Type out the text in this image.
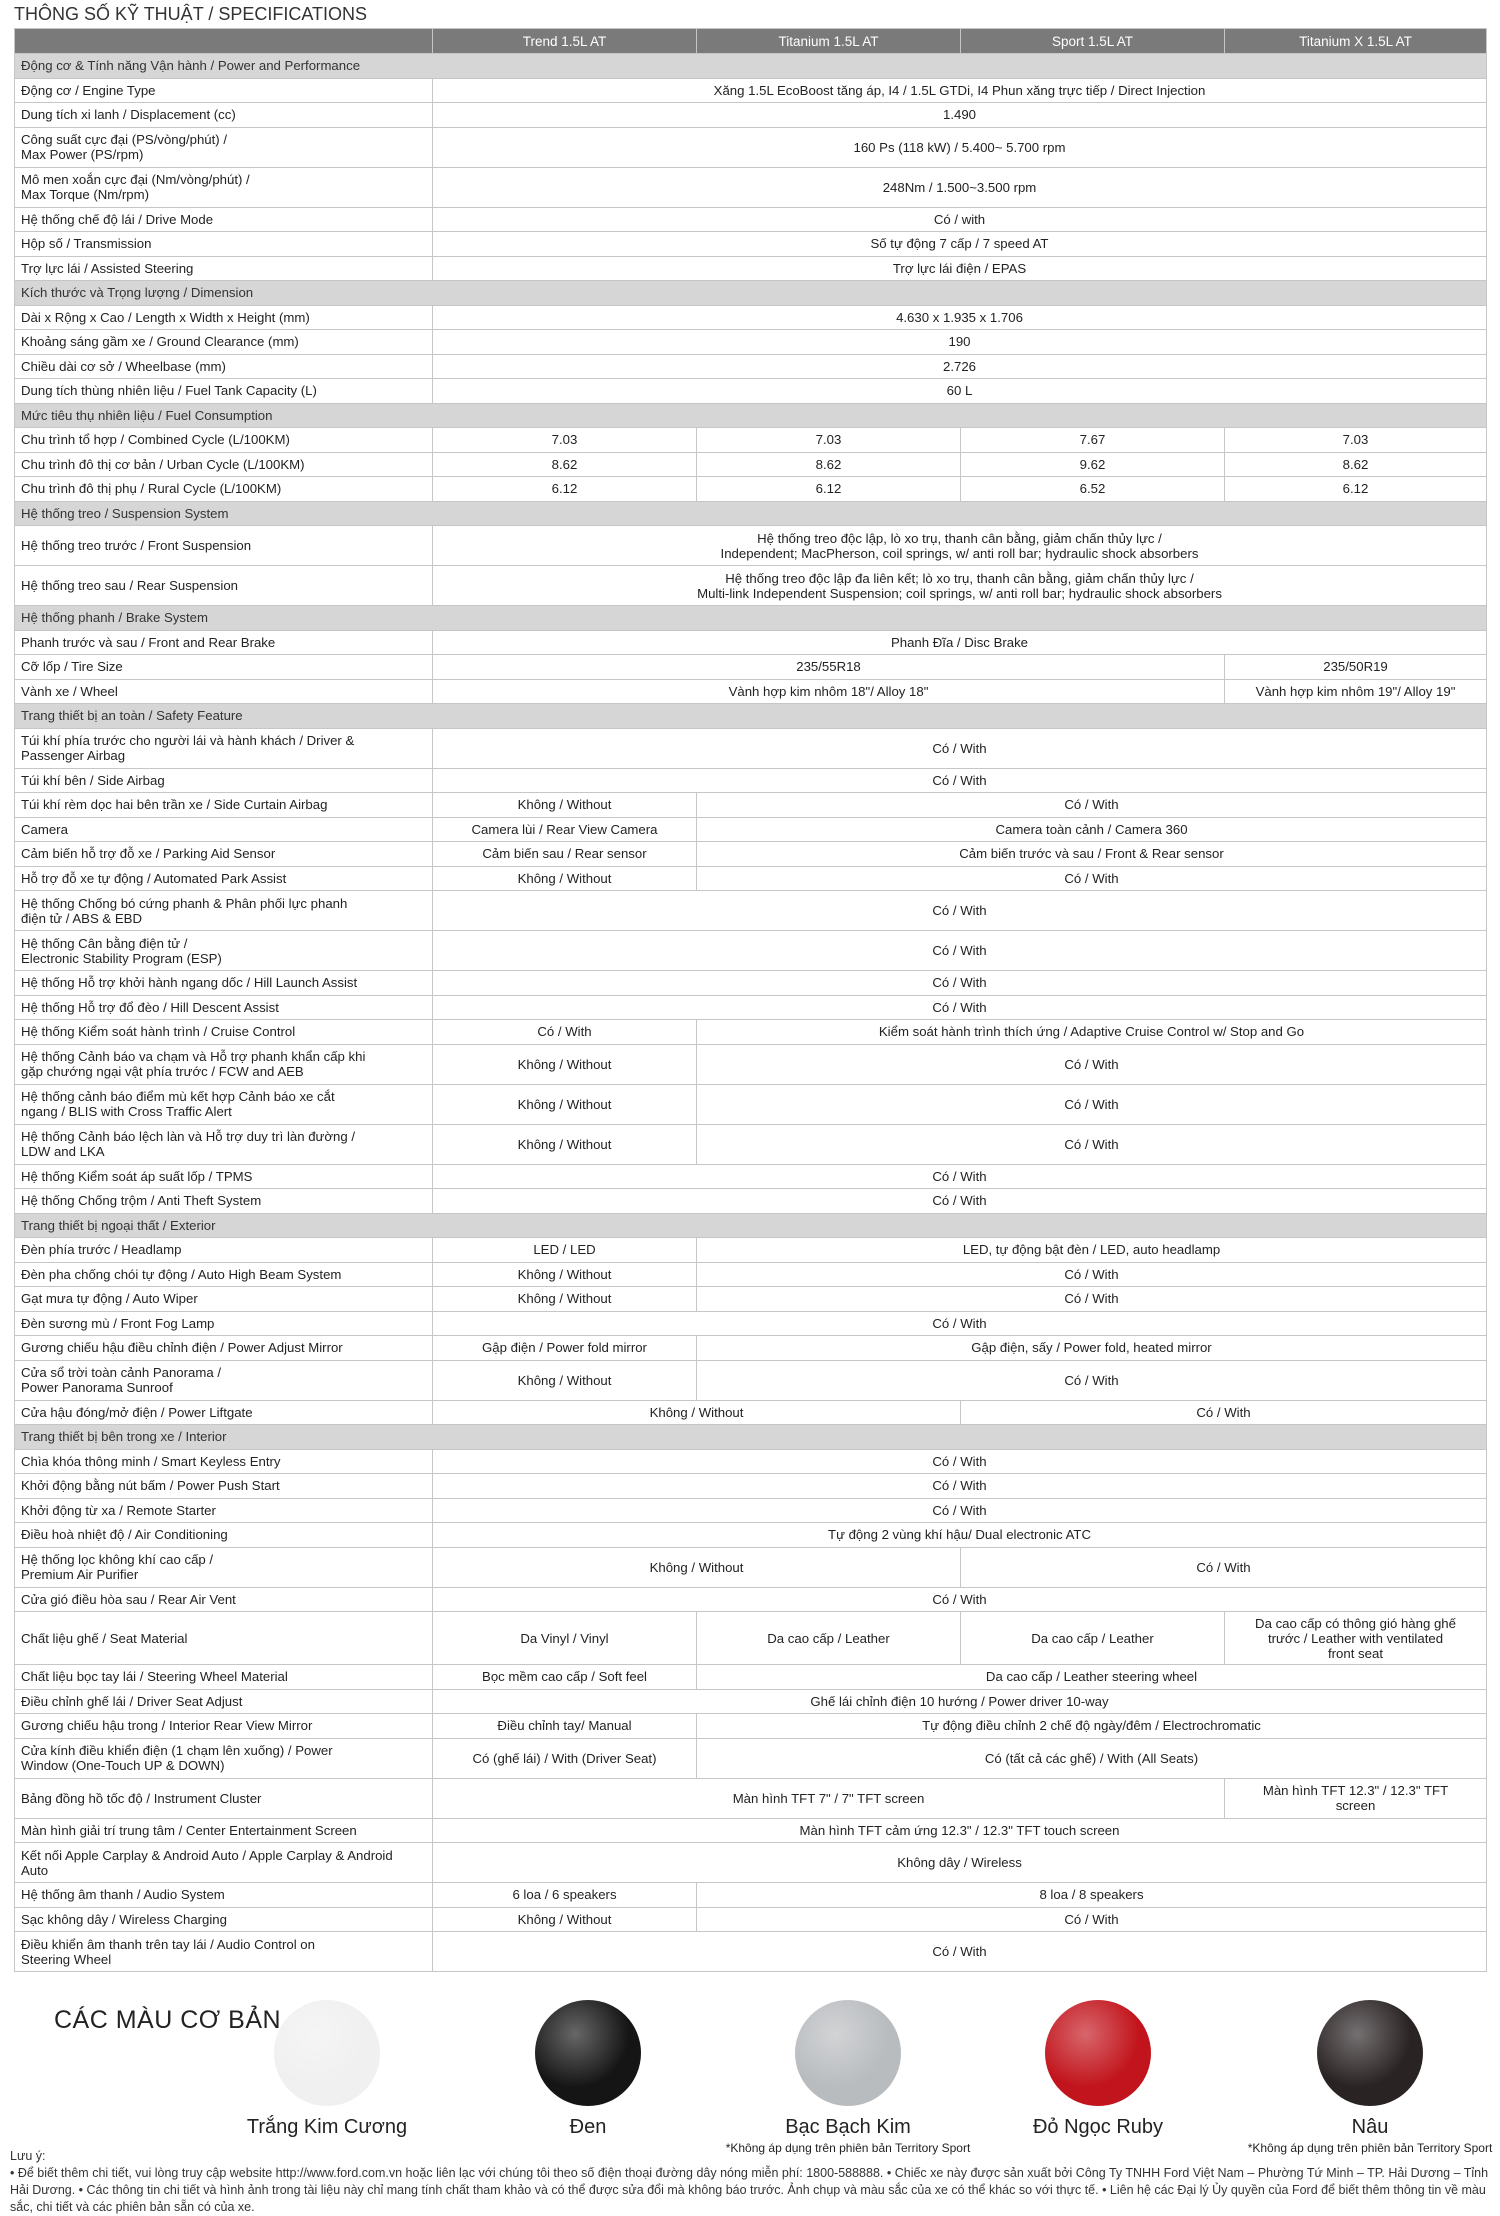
THÔNG SỐ KỸ THUẬT / SPECIFICATIONS
	Trend 1.5L AT	Titanium 1.5L AT	Sport 1.5L AT	Titanium X 1.5L AT
Động cơ & Tính năng Vận hành / Power and Performance				
Động cơ / Engine Type	Xăng 1.5L EcoBoost tăng áp, I4 / 1.5L GTDi, I4 Phun xăng trực tiếp / Direct Injection			
Dung tích xi lanh / Displacement (cc)	1.490			
Công suất cực đại (PS/vòng/phút) /
Max Power (PS/rpm)	160 Ps (118 kW) / 5.400~ 5.700 rpm			
Mô men xoắn cực đại (Nm/vòng/phút) /
Max Torque (Nm/rpm)	248Nm / 1.500~3.500 rpm			
Hệ thống chế độ lái / Drive Mode	Có / with			
Hộp số / Transmission	Số tự động 7 cấp / 7 speed AT			
Trợ lực lái / Assisted Steering	Trợ lực lái điện / EPAS			
Kích thước và Trọng lượng / Dimension				
Dài x Rộng x Cao / Length x Width x Height (mm)	4.630 x 1.935 x 1.706			
Khoảng sáng gầm xe / Ground Clearance (mm)	190			
Chiều dài cơ sở / Wheelbase (mm)	2.726			
Dung tích thùng nhiên liệu / Fuel Tank Capacity (L)	60 L			
Mức tiêu thụ nhiên liệu / Fuel Consumption				
Chu trình tổ hợp / Combined Cycle (L/100KM)	7.03	7.03	7.67	7.03
Chu trình đô thị cơ bản / Urban Cycle (L/100KM)	8.62	8.62	9.62	8.62
Chu trình đô thị phụ / Rural Cycle (L/100KM)	6.12	6.12	6.52	6.12
Hệ thống treo / Suspension System				
Hệ thống treo trước / Front Suspension	Hệ thống treo độc lập, lò xo trụ, thanh cân bằng, giảm chấn thủy lực /
Independent; MacPherson, coil springs, w/ anti roll bar; hydraulic shock absorbers			
Hệ thống treo sau / Rear Suspension	Hệ thống treo độc lập đa liên kết; lò xo trụ, thanh cân bằng, giảm chấn thủy lực /
Multi-link Independent Suspension; coil springs, w/ anti roll bar; hydraulic shock absorbers			
Hệ thống phanh / Brake System				
Phanh trước và sau / Front and Rear Brake	Phanh Đĩa / Disc Brake			
Cỡ lốp / Tire Size	235/55R18			235/50R19
Vành xe / Wheel	Vành hợp kim nhôm 18"/ Alloy 18"			Vành hợp kim nhôm 19"/ Alloy 19"
Trang thiết bị an toàn / Safety Feature				
Túi khí phía trước cho người lái và hành khách / Driver &
Passenger Airbag	Có / With			
Túi khí bên / Side Airbag	Có / With			
Túi khí rèm dọc hai bên trần xe / Side Curtain Airbag	Không / Without	Có / With		
Camera	Camera lùi / Rear View Camera	Camera toàn cảnh / Camera 360		
Cảm biến hỗ trợ đỗ xe / Parking Aid Sensor	Cảm biến sau / Rear sensor	Cảm biến trước và sau / Front & Rear sensor		
Hỗ trợ đỗ xe tự động / Automated Park Assist	Không / Without	Có / With		
Hệ thống Chống bó cứng phanh & Phân phối lực phanh
điện tử / ABS & EBD	Có / With			
Hệ thống Cân bằng điện tử /
Electronic Stability Program (ESP)	Có / With			
Hệ thống Hỗ trợ khởi hành ngang dốc / Hill Launch Assist	Có / With			
Hệ thống Hỗ trợ đổ đèo / Hill Descent Assist	Có / With			
Hệ thống Kiểm soát hành trình / Cruise Control	Có / With	Kiểm soát hành trình thích ứng / Adaptive Cruise Control w/ Stop and Go		
Hệ thống Cảnh báo va chạm và Hỗ trợ phanh khẩn cấp khi
gặp chướng ngại vật phía trước / FCW and AEB	Không / Without	Có / With		
Hệ thống cảnh báo điểm mù kết hợp Cảnh báo xe cắt
ngang / BLIS with Cross Traffic Alert	Không / Without	Có / With		
Hệ thống Cảnh báo lệch làn và Hỗ trợ duy trì làn đường /
LDW and LKA	Không / Without	Có / With		
Hệ thống Kiểm soát áp suất lốp / TPMS	Có / With			
Hệ thống Chống trộm / Anti Theft System	Có / With			
Trang thiết bị ngoại thất / Exterior				
Đèn phía trước / Headlamp	LED / LED	LED, tự động bật đèn / LED, auto headlamp		
Đèn pha chống chói tự động / Auto High Beam System	Không / Without	Có / With		
Gạt mưa tự động / Auto Wiper	Không / Without	Có / With		
Đèn sương mù / Front Fog Lamp	Có / With			
Gương chiếu hậu điều chỉnh điện / Power Adjust Mirror	Gập điện / Power fold mirror	Gập điện, sấy / Power fold, heated mirror		
Cửa sổ trời toàn cảnh Panorama /
Power Panorama Sunroof	Không / Without	Có / With		
Cửa hậu đóng/mở điện / Power Liftgate	Không / Without		Có / With	
Trang thiết bị bên trong xe / Interior				
Chìa khóa thông minh / Smart Keyless Entry	Có / With			
Khởi động bằng nút bấm / Power Push Start	Có / With			
Khởi động từ xa / Remote Starter	Có / With			
Điều hoà nhiệt độ / Air Conditioning	Tự động 2 vùng khí hậu/ Dual electronic ATC			
Hệ thống lọc không khí cao cấp /
Premium Air Purifier	Không / Without		Có / With	
Cửa gió điều hòa sau / Rear Air Vent	Có / With			
Chất liệu ghế / Seat Material	Da Vinyl / Vinyl	Da cao cấp / Leather	Da cao cấp / Leather	Da cao cấp có thông gió hàng ghế
trước / Leather with ventilated
front seat
Chất liệu bọc tay lái / Steering Wheel Material	Bọc mềm cao cấp / Soft feel	Da cao cấp / Leather steering wheel		
Điều chỉnh ghế lái / Driver Seat Adjust	Ghế lái chỉnh điện 10 hướng / Power driver 10-way			
Gương chiếu hậu trong / Interior Rear View Mirror	Điều chỉnh tay/ Manual	Tự động điều chỉnh 2 chế độ ngày/đêm / Electrochromatic		
Cửa kính điều khiển điện (1 chạm lên xuống) / Power
Window (One-Touch UP & DOWN)	Có (ghế lái) / With (Driver Seat)	Có (tất cả các ghế) / With (All Seats)		
Bảng đồng hồ tốc độ / Instrument Cluster	Màn hình TFT 7" / 7" TFT screen			Màn hình TFT 12.3" / 12.3" TFT
screen
Màn hình giải trí trung tâm / Center Entertainment Screen	Màn hình TFT cảm ứng 12.3" / 12.3" TFT touch screen			
Kết nối Apple Carplay & Android Auto / Apple Carplay & Android
Auto	Không dây / Wireless			
Hệ thống âm thanh / Audio System	6 loa / 6 speakers	8 loa / 8 speakers		
Sạc không dây / Wireless Charging	Không / Without	Có / With		
Điều khiển âm thanh trên tay lái / Audio Control on
Steering Wheel	Có / With			
CÁC MÀU CƠ BẢN
Trắng Kim Cương	Đen	Bạc Bạch Kim
*Không áp dụng trên phiên bản Territory Sport
Đỏ Ngọc Ruby	Nâu
*Không áp dụng trên phiên bản Territory Sport
Lưu ý:
• Để biết thêm chi tiết, vui lòng truy cập website http://www.ford.com.vn hoặc liên lạc với chúng tôi theo số điện thoại đường dây nóng miễn phí: 1800-588888. • Chiếc xe này được sản xuất bởi Công Ty TNHH Ford Việt Nam – Phường Tứ Minh – TP. Hải Dương – Tỉnh Hải Dương. • Các thông tin chi tiết và hình ảnh trong tài liệu này chỉ mang tính chất tham khảo và có thể được sửa đổi mà không báo trước. Ảnh chụp và màu sắc của xe có thể khác so với thực tế. • Liên hệ các Đại lý Ủy quyền của Ford để biết thêm thông tin về màu sắc, chi tiết và các phiên bản sẵn có của xe.
